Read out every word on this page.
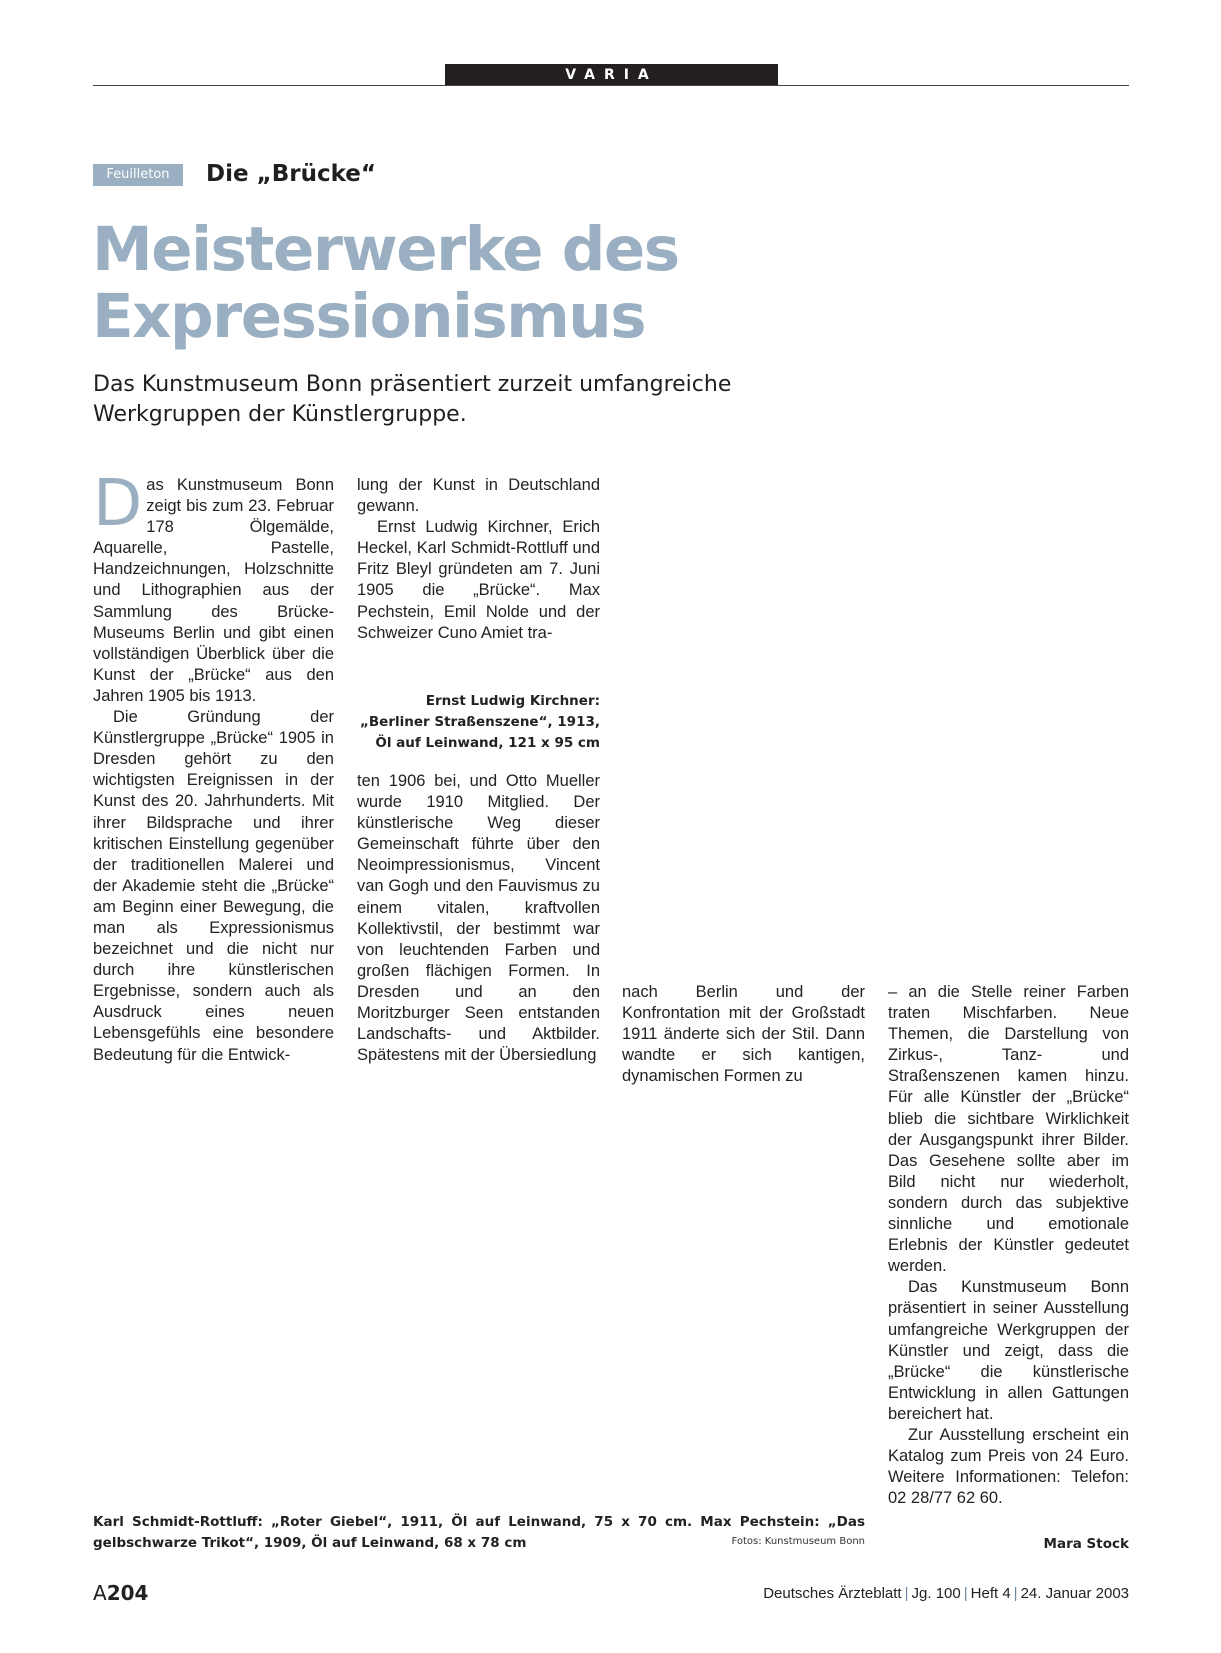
VARIA
Feuilleton	Die „Brücke“
Meisterwerke des Expressionismus
Das Kunstmuseum Bonn präsentiert zurzeit umfangreiche Werkgruppen der Künstlergruppe.

Das Kunstmuseum Bonn zeigt bis zum 23. Februar 178 Ölgemälde, Aquarelle, Pastelle, Handzeichnungen, Holzschnitte und Lithographien aus der Sammlung des Brücke-Museums Berlin und gibt einen vollständigen Überblick über die Kunst der „Brücke“ aus den Jahren 1905 bis 1913.

Die Gründung der Künstlergruppe „Brücke“ 1905 in Dresden gehört zu den wichtigsten Ereignissen in der Kunst des 20. Jahrhunderts. Mit ihrer Bildsprache und ihrer kritischen Einstellung gegenüber der traditionellen Malerei und der Akademie steht die „Brücke“ am Beginn einer Bewegung, die man als Expressionismus bezeichnet und die nicht nur durch ihre künstlerischen Ergebnisse, sondern auch als Ausdruck eines neuen Lebensgefühls eine besondere Bedeutung für die Entwick-

lung der Kunst in Deutschland gewann.

Ernst Ludwig Kirchner, Erich Heckel, Karl Schmidt-Rottluff und Fritz Bleyl gründeten am 7. Juni 1905 die „Brücke“. Max Pechstein, Emil Nolde und der Schweizer Cuno Amiet tra-

Ernst Ludwig Kirchner:
„Berliner Straßenszene“, 1913,
Öl auf Leinwand, 121 x 95 cm

ten 1906 bei, und Otto Mueller wurde 1910 Mitglied. Der künstlerische Weg dieser Gemeinschaft führte über den Neoimpressionismus, Vincent van Gogh und den Fauvismus zu einem vitalen, kraftvollen Kollektivstil, der bestimmt war von leuchtenden Farben und großen flächigen Formen. In Dresden und an den Moritzburger Seen entstanden Landschafts- und Aktbilder. Spätestens mit der Übersiedlung

nach Berlin und der Konfrontation mit der Großstadt 1911 änderte sich der Stil. Dann wandte er sich kantigen, dynamischen Formen zu

– an die Stelle reiner Farben traten Mischfarben. Neue Themen, die Darstellung von Zirkus-, Tanz- und Straßenszenen kamen hinzu. Für alle Künstler der „Brücke“ blieb die sichtbare Wirklichkeit der Ausgangspunkt ihrer Bilder. Das Gesehene sollte aber im Bild nicht nur wiederholt, sondern durch das subjektive sinnliche und emotionale Erlebnis der Künstler gedeutet werden.

Das Kunstmuseum Bonn präsentiert in seiner Ausstellung umfangreiche Werkgruppen der Künstler und zeigt, dass die „Brücke“ die künstlerische Entwicklung in allen Gattungen bereichert hat.

Zur Ausstellung erscheint ein Katalog zum Preis von 24 Euro. Weitere Informationen: Telefon: 02 28/77 62 60.

Karl Schmidt-Rottluff: „Roter Giebel“, 1911, Öl auf Leinwand, 75 x 70 cm. Max Pechstein: „Das gelbschwarze Trikot“, 1909, Öl auf Leinwand, 68 x 78 cm	Fotos: Kunstmuseum Bonn	Mara Stock
A204	Deutsches Ärzteblatt | Jg. 100 | Heft 4 | 24. Januar 2003
